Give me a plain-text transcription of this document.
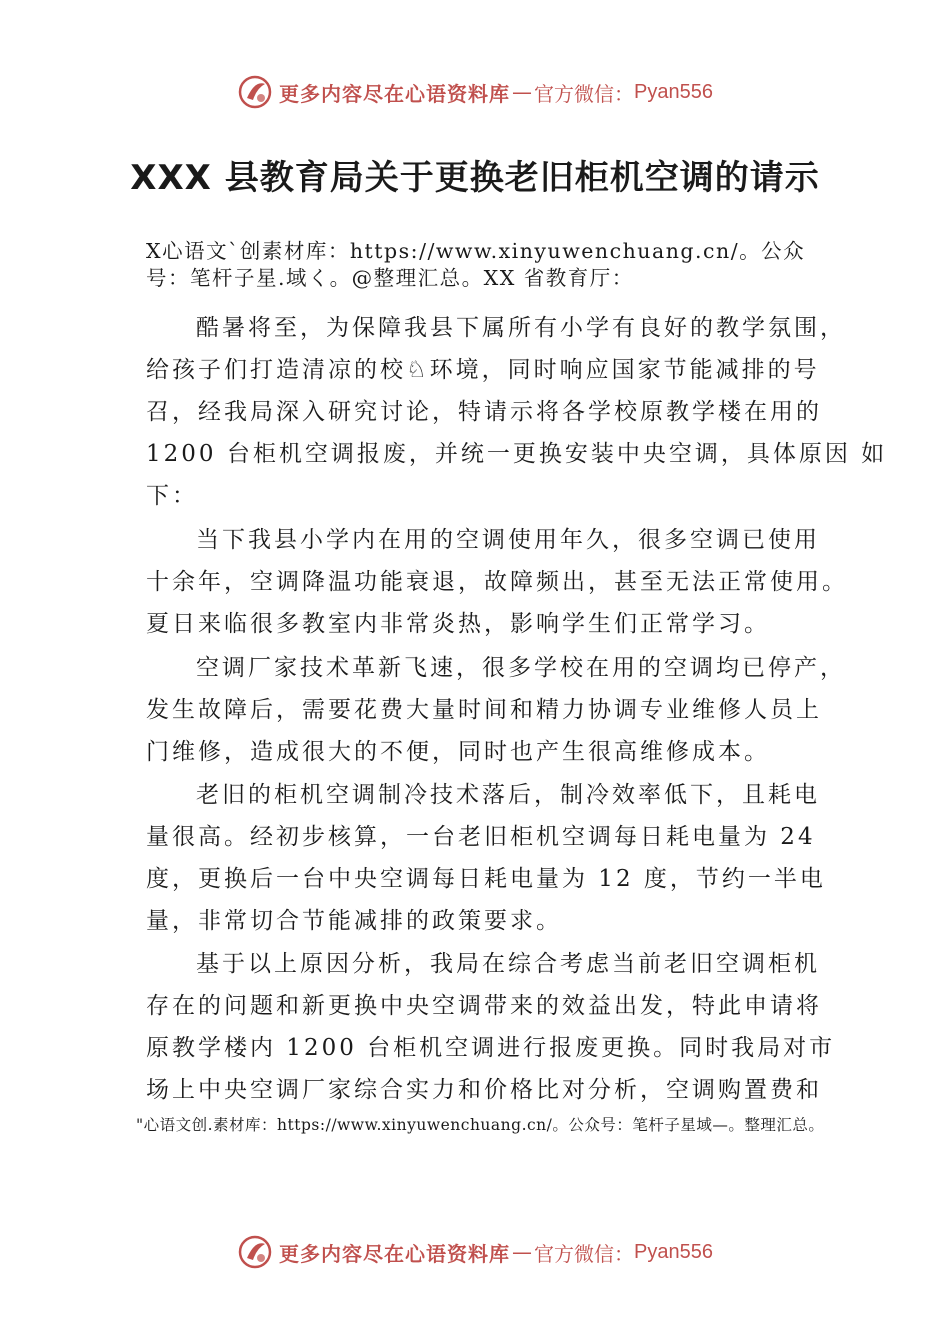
更多内容尽在心语资料库 — 官方微信： Pyan556
XXX 县教育局关于更换老旧柜机空调的请示

X心语文`创素材库：https://www.xinyuwenchuang.cn/。公众号：笔杆子星.域く。@整理汇总。XX 省教育厅：

酷暑将至，为保障我县下属所有小学有良好的教学氛围，

给孩子们打造清凉的校♘环境，同时响应国家节能减排的号

召，经我局深入研究讨论，特请示将各学校原教学楼在用的

1200 台柜机空调报废，并统一更换安装中央空调，具体原因 如

下：

当下我县小学内在用的空调使用年久，很多空调已使用

十余年，空调降温功能衰退，故障频出，甚至无法正常使用。

夏日来临很多教室内非常炎热，影响学生们正常学习。

空调厂家技术革新飞速，很多学校在用的空调均已停产，

发生故障后，需要花费大量时间和精力协调专业维修人员上

门维修，造成很大的不便，同时也产生很高维修成本。

老旧的柜机空调制冷技术落后，制冷效率低下，且耗电

量很高。经初步核算，一台老旧柜机空调每日耗电量为 24

度，更换后一台中央空调每日耗电量为 12 度，节约一半电

量，非常切合节能减排的政策要求。

基于以上原因分析，我局在综合考虑当前老旧空调柜机

存在的问题和新更换中央空调带来的效益出发，特此申请将

原教学楼内 1200 台柜机空调进行报废更换。同时我局对市

场上中央空调厂家综合实力和价格比对分析，空调购置费和

"心语文创.素材库：https://www.xinyuwenchuang.cn/。公众号：笔杆子星域—。整理汇总。

更多内容尽在心语资料库 — 官方微信： Pyan556
